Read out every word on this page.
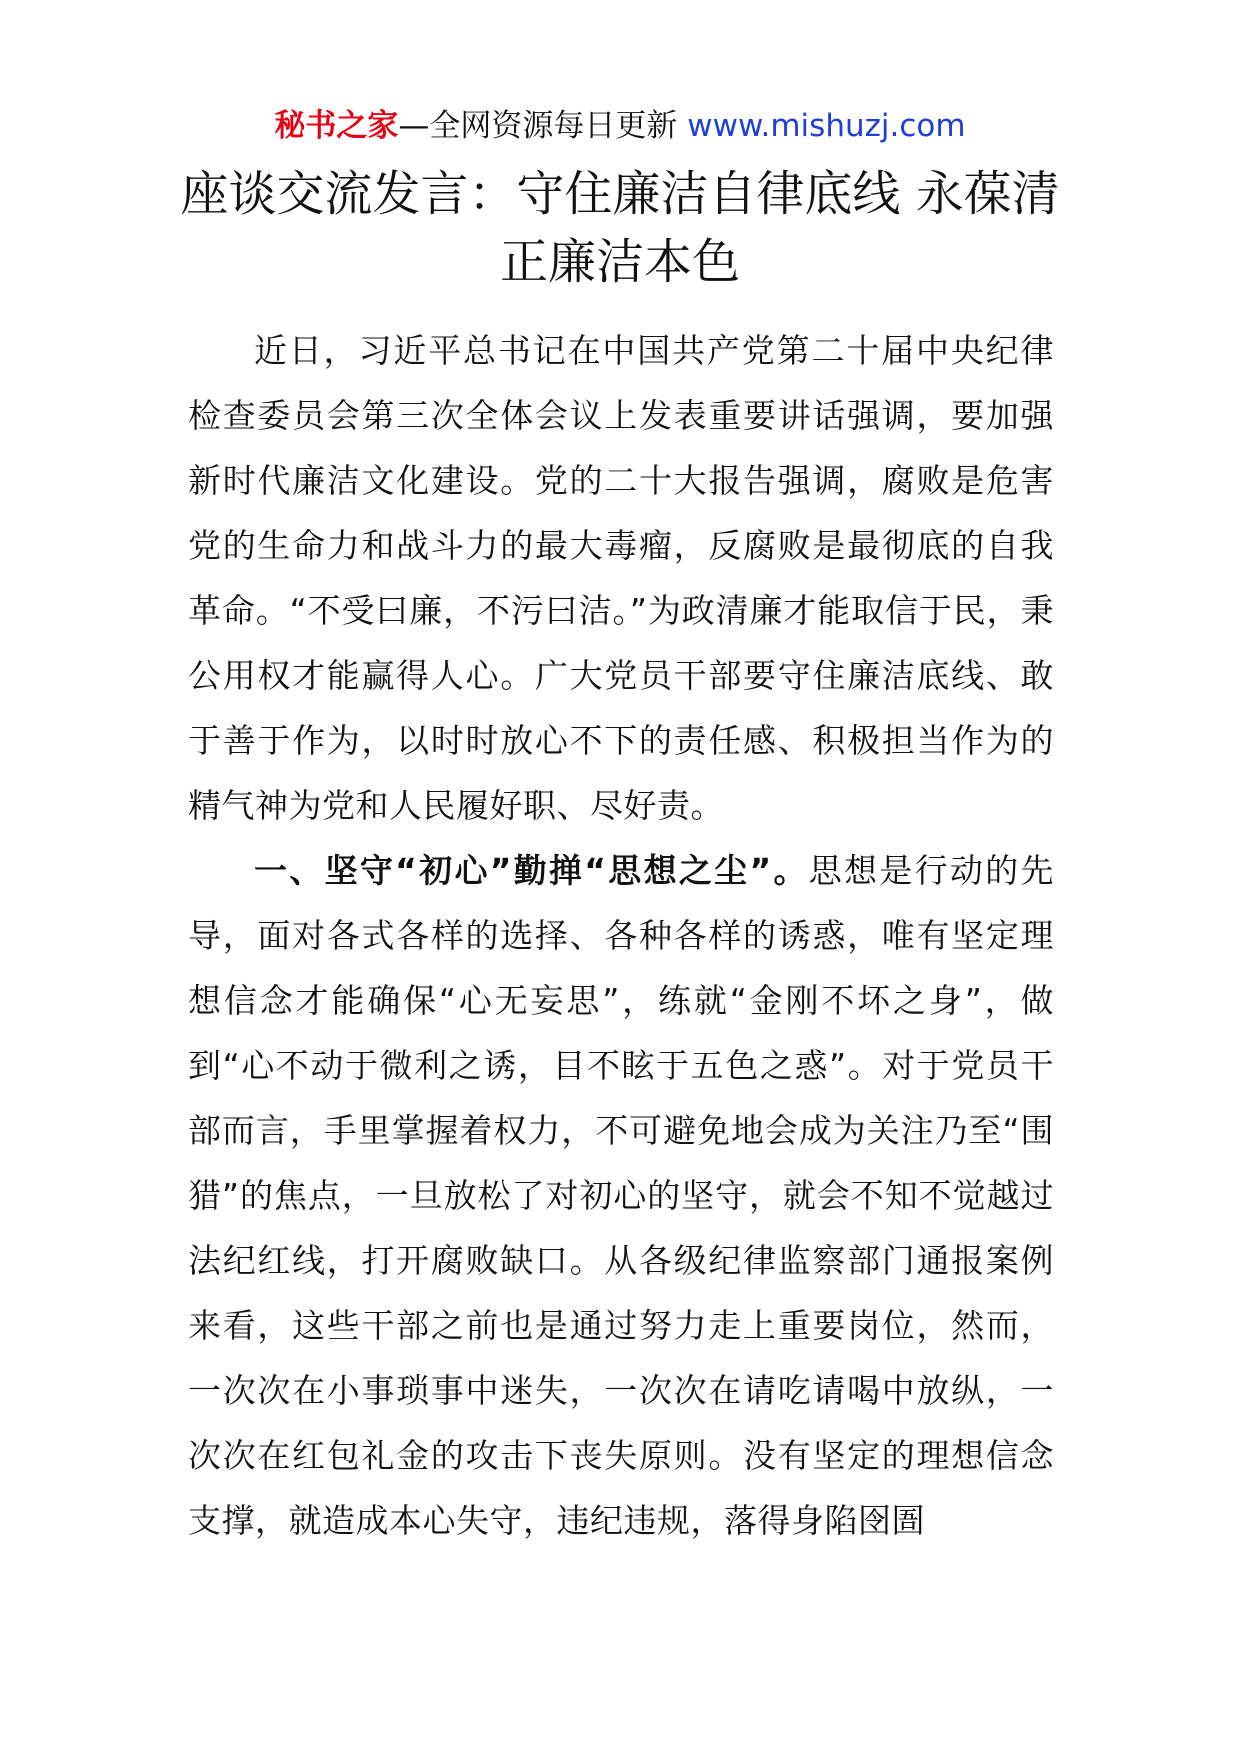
秘书之家—全网资源每日更新 www.mishuzj.com
座谈交流发言：守住廉洁自律底线 永葆清正廉洁本色

近日，习近平总书记在中国共产党第二十届中央纪律检查委员会第三次全体会议上发表重要讲话强调，要加强新时代廉洁文化建设。党的二十大报告强调，腐败是危害党的生命力和战斗力的最大毒瘤，反腐败是最彻底的自我革命。“不受曰廉，不污曰洁。”为政清廉才能取信于民，秉公用权才能赢得人心。广大党员干部要守住廉洁底线、敢于善于作为，以时时放心不下的责任感、积极担当作为的精气神为党和人民履好职、尽好责。

一、坚守“初心”勤掸“思想之尘”。思想是行动的先导，面对各式各样的选择、各种各样的诱惑，唯有坚定理想信念才能确保“心无妄思”，练就“金刚不坏之身”，做到“心不动于微利之诱，目不眩于五色之惑”。对于党员干部而言，手里掌握着权力，不可避免地会成为关注乃至“围猎”的焦点，一旦放松了对初心的坚守，就会不知不觉越过法纪红线，打开腐败缺口。从各级纪律监察部门通报案例来看，这些干部之前也是通过努力走上重要岗位，然而，一次次在小事琐事中迷失，一次次在请吃请喝中放纵，一次次在红包礼金的攻击下丧失原则。没有坚定的理想信念支撑，就造成本心失守，违纪违规，落得身陷囹圄
